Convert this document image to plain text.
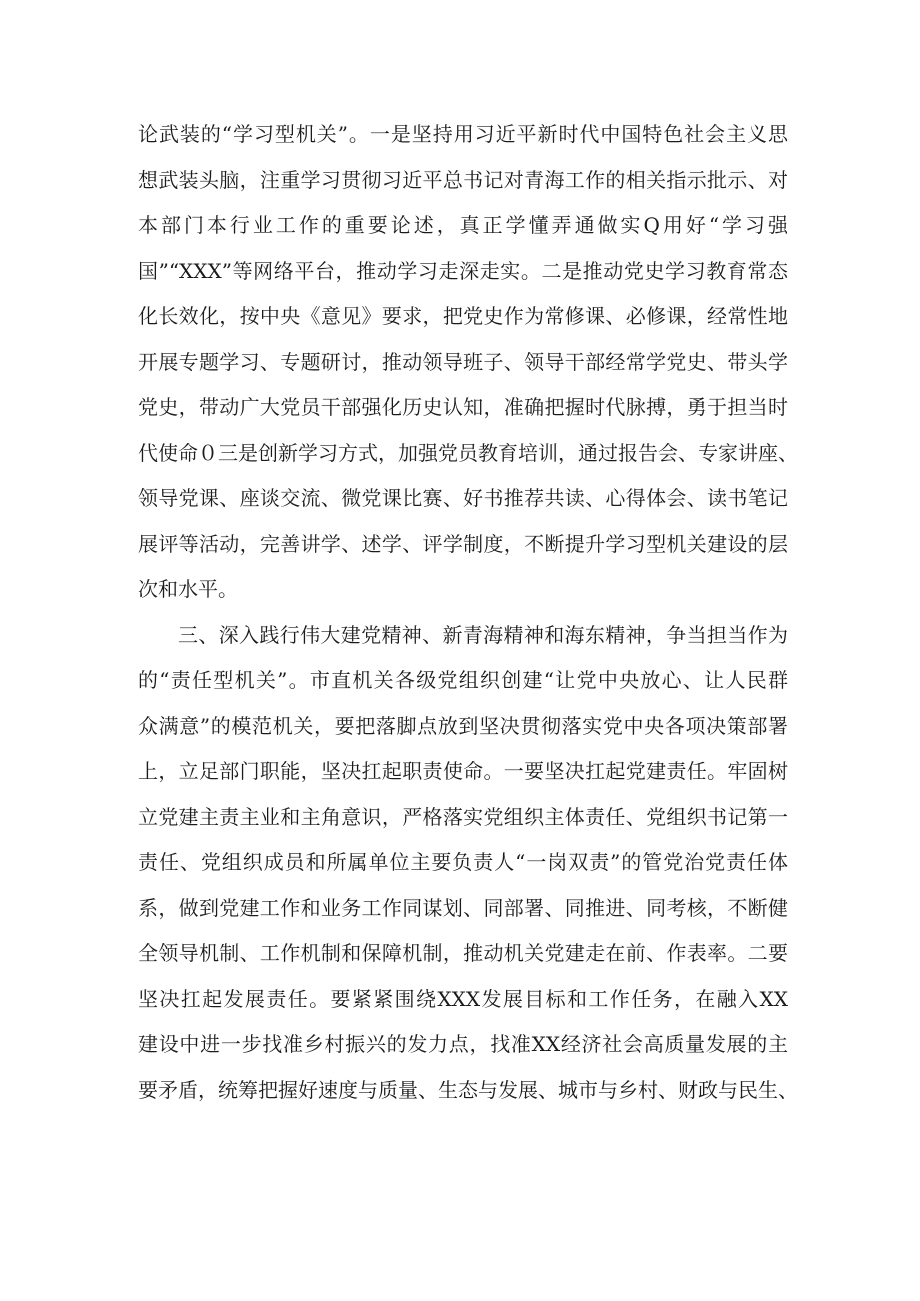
论武装的“学习型机关”。一是坚持用习近平新时代中国特色社会主义思
想武装头脑，注重学习贯彻习近平总书记对青海工作的相关指示批示、对
本部门本行业工作的重要论述，真正学懂弄通做实Q用好“学习强
国”“XXX”等网络平台，推动学习走深走实。二是推动党史学习教育常态
化长效化，按中央《意见》要求，把党史作为常修课、必修课，经常性地
开展专题学习、专题研讨，推动领导班子、领导干部经常学党史、带头学
党史，带动广大党员干部强化历史认知，准确把握时代脉搏，勇于担当时
代使命０三是创新学习方式，加强党员教育培训，通过报告会、专家讲座、
领导党课、座谈交流、微党课比赛、好书推荐共读、心得体会、读书笔记
展评等活动，完善讲学、述学、评学制度，不断提升学习型机关建设的层
次和水平。
三、深入践行伟大建党精神、新青海精神和海东精神，争当担当作为
的“责任型机关”。市直机关各级党组织创建“让党中央放心、让人民群
众满意”的模范机关，要把落脚点放到坚决贯彻落实党中央各项决策部署
上，立足部门职能，坚决扛起职责使命。一要坚决扛起党建责任。牢固树
立党建主责主业和主角意识，严格落实党组织主体责任、党组织书记第一
责任、党组织成员和所属单位主要负责人“一岗双责”的管党治党责任体
系，做到党建工作和业务工作同谋划、同部署、同推进、同考核，不断健
全领导机制、工作机制和保障机制，推动机关党建走在前、作表率。二要
坚决扛起发展责任。要紧紧围绕XXX发展目标和工作任务，在融入XX
建设中进一步找准乡村振兴的发力点，找准XX经济社会高质量发展的主
要矛盾，统筹把握好速度与质量、生态与发展、城市与乡村、财政与民生、
